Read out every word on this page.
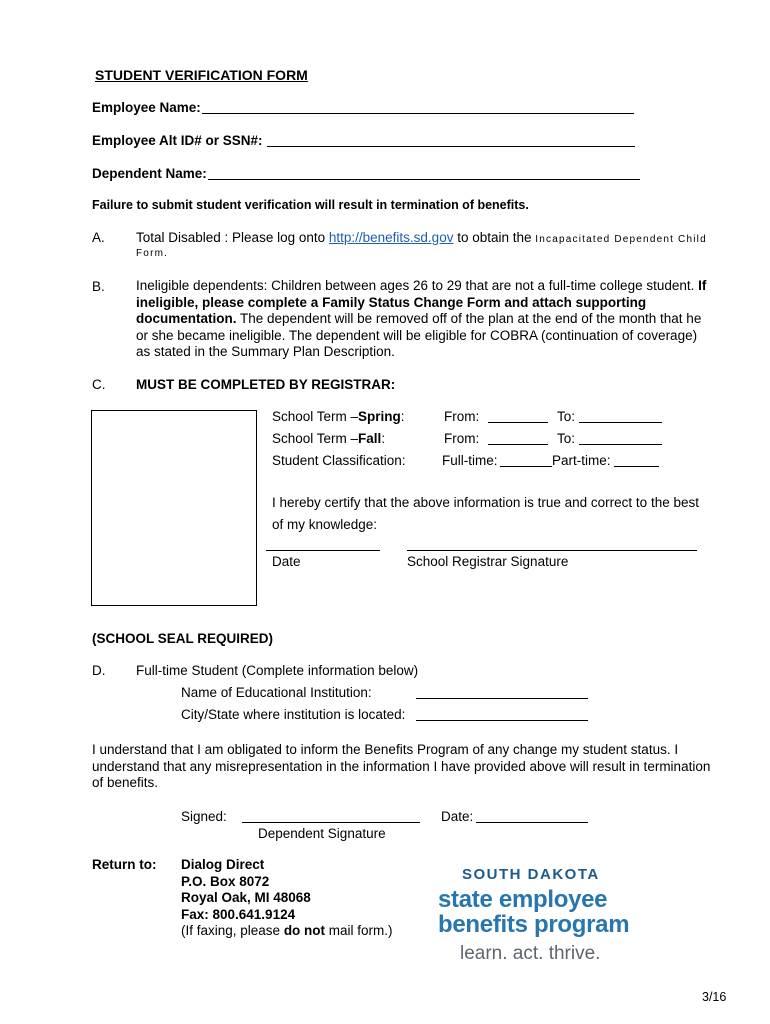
STUDENT VERIFICATION FORM
Employee Name:
Employee Alt ID# or SSN#:
Dependent Name:
Failure to submit student verification will result in termination of benefits.
A. Total Disabled : Please log onto http://benefits.sd.gov to obtain the Incapacitated Dependent Child
Form.
B. Ineligible dependents: Children between ages 26 to 29 that are not a full-time college student. If
ineligible, please complete a Family Status Change Form and attach supporting
documentation. The dependent will be removed off of the plan at the end of the month that he
or she became ineligible. The dependent will be eligible for COBRA (continuation of coverage)
as stated in the Summary Plan Description.
C. MUST BE COMPLETED BY REGISTRAR:
School Term –Spring:	From:	To:
School Term –Fall:	From:	To:
Student Classification:	Full-time:	Part-time:
I hereby certify that the above information is true and correct to the best
of my knowledge:
Date	School Registrar Signature
(SCHOOL SEAL REQUIRED)
D. Full-time Student (Complete information below)
Name of Educational Institution:
City/State where institution is located:
I understand that I am obligated to inform the Benefits Program of any change my student status. I
understand that any misrepresentation in the information I have provided above will result in termination
of benefits.
Signed:	Date:
Dependent Signature
Return to: Dialog Direct
P.O. Box 8072
Royal Oak, MI 48068
Fax: 800.641.9124
(If faxing, please do not mail form.)
SOUTH DAKOTA
state employee
benefits program
learn. act. thrive.
3/16
